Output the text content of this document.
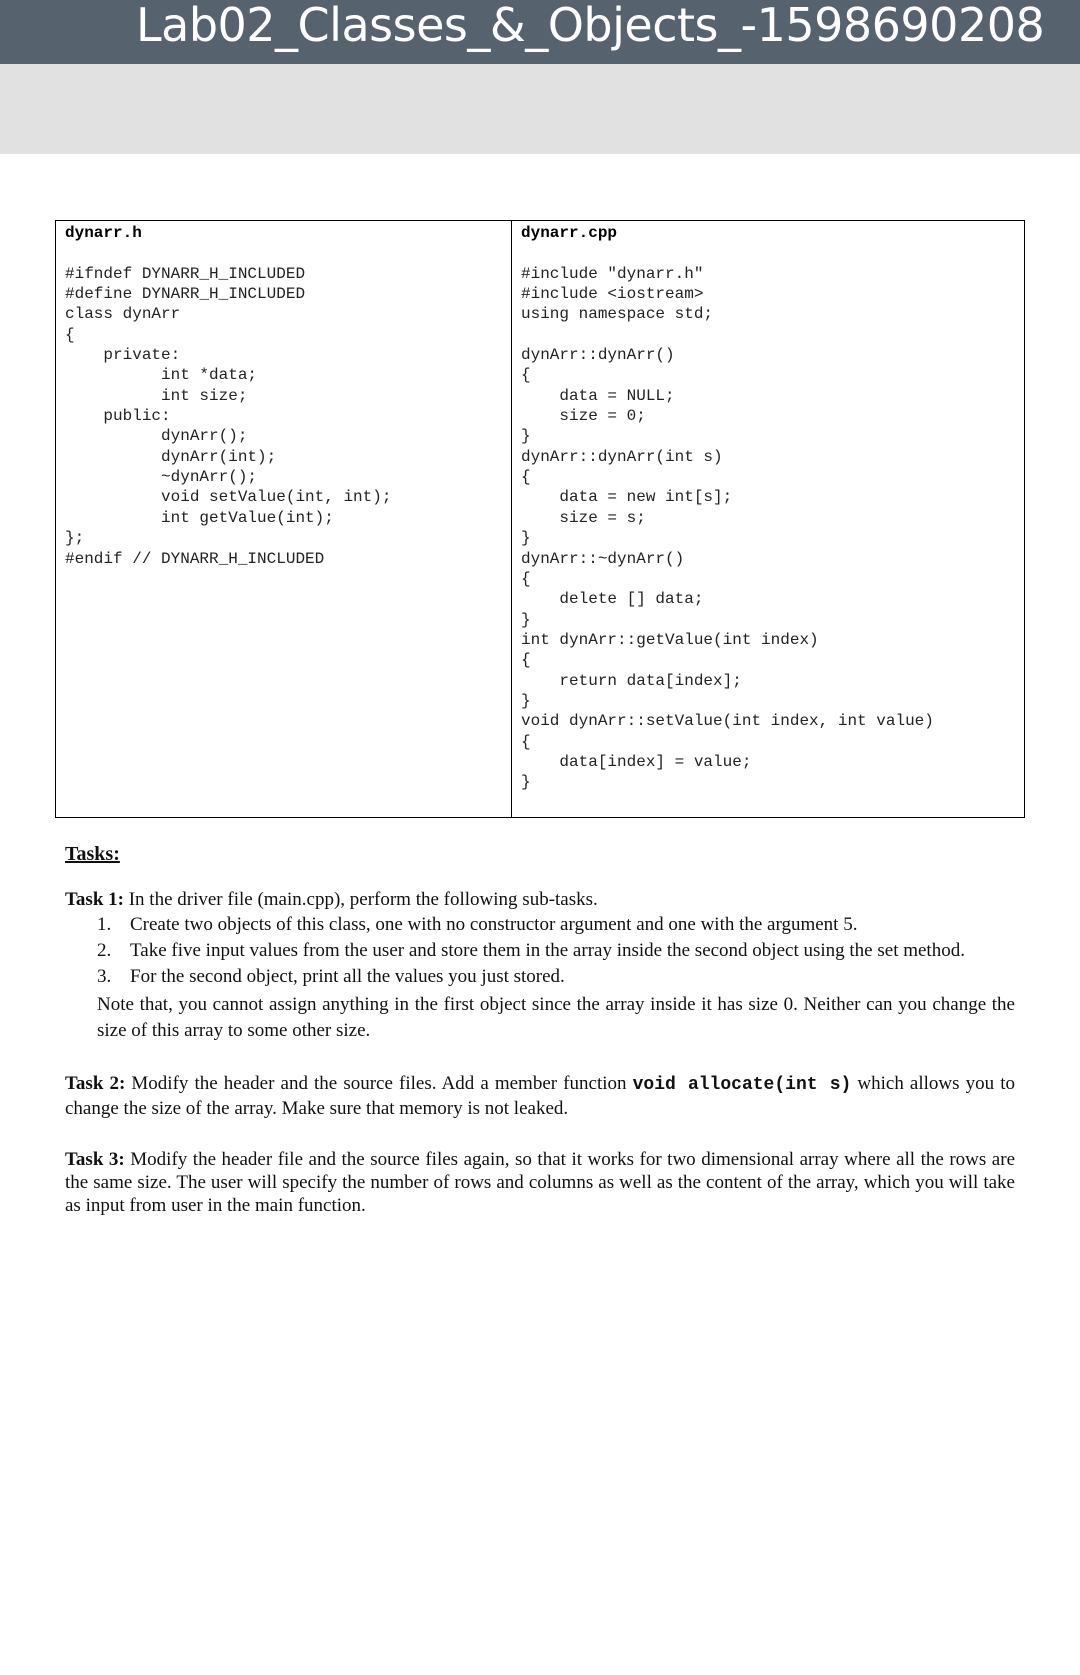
Lab02_Classes_&_Objects_-1598690208
dynarr.h
#ifndef DYNARR_H_INCLUDED
#define DYNARR_H_INCLUDED
class dynArr
{
private:
int *data;
int size;
public:
dynArr();
dynArr(int);
~dynArr();
void setValue(int, int);
int getValue(int);
};
#endif // DYNARR_H_INCLUDED
dynarr.cpp
#include "dynarr.h"
#include <iostream>
using namespace std;
dynArr::dynArr()
{
data = NULL;
size = 0;
}
dynArr::dynArr(int s)
{
data = new int[s];
size = s;
}
dynArr::~dynArr()
{
delete [] data;
}
int dynArr::getValue(int index)
{
return data[index];
}
void dynArr::setValue(int index, int value)
{
data[index] = value;
}

Tasks:

Task 1: In the driver file (main.cpp), perform the following sub-tasks.

1. Create two objects of this class, one with no constructor argument and one with the argument 5.
2. Take five input values from the user and store them in the array inside the second object using the set method.
3. For the second object, print all the values you just stored.

Note that, you cannot assign anything in the first object since the array inside it has size 0. Neither can you change the size of this array to some other size.

Task 2: Modify the header and the source files. Add a member function void allocate(int s) which allows you to change the size of the array. Make sure that memory is not leaked.

Task 3: Modify the header file and the source files again, so that it works for two dimensional array where all the rows are the same size. The user will specify the number of rows and columns as well as the content of the array, which you will take as input from user in the main function.
